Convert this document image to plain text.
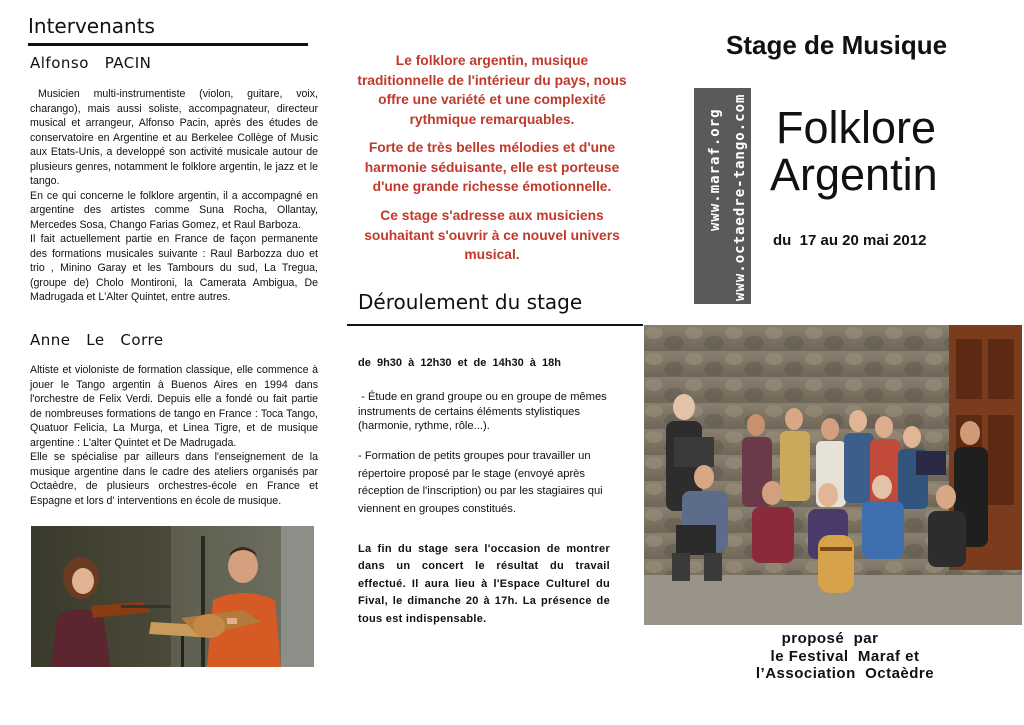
Intervenants
Alfonso   PACIN
Musicien multi-instrumentiste (violon, guitare, voix, charango), mais aussi soliste, accompagnateur, directeur musical et arrangeur, Alfonso Pacin, après des études de conservatoire en Argentine et au Berkelee Collège of Music aux Etats-Unis, a developpé son activité musicale autour de plusieurs genres, notamment le folklore argentin, le jazz et le tango.
En ce qui concerne le folklore argentin, il a accompagné en argentine des artistes comme Suna Rocha, Ollantay, Mercedes Sosa, Chango Farias Gomez, et Raul Barboza.
Il fait actuellement partie en France de façon permanente des formations musicales suivante : Raul Barbozza duo et trio , Minino Garay et les Tambours du sud, La Tregua, (groupe de) Cholo Montironi, la Camerata Ambigua, De Madrugada et L'Alter Quintet, entre autres.
Anne   Le   Corre
Altiste et violoniste de formation classique, elle commence à jouer le Tango argentin à Buenos Aires en 1994 dans l'orchestre de Felix Verdi. Depuis elle a fondé ou fait partie de nombreuses formations de tango en France : Toca Tango, Quatuor Felicia, La Murga, et Linea Tigre, et de musique argentine : L'alter Quintet et De Madrugada.
Elle se spécialise par ailleurs dans l'enseignement de la musique argentine dans le cadre des ateliers organisés par Octaèdre, de plusieurs orchestres-école en France et Espagne et lors d' interventions en école de musique.
Le folklore argentin, musique traditionnelle de l'intérieur du pays, nous offre une variété et une complexité rythmique remarquables.
Forte de très belles mélodies et d'une harmonie séduisante, elle est porteuse d'une grande richesse émotionnelle.
Ce stage s'adresse aux musiciens souhaitant s'ouvrir à ce nouvel univers musical.
Déroulement du stage
de  9h30  à  12h30  et  de  14h30  à  18h
- Étude en grand groupe ou en groupe de mêmes instruments de certains éléments stylistiques  (harmonie, rythme, rôle...).
- Formation de petits groupes pour travailler un répertoire proposé par le stage (envoyé après réception de l'inscription) ou par les stagiaires qui viennent en groupes constitués.
La fin du stage sera l'occasion de montrer dans un concert le résultat du travail effectué. Il aura lieu à l'Espace Culturel du Fival, le dimanche 20 à 17h. La présence de tous est indispensable.
Stage de Musique
www.maraf.org www.octaedre-tango.com Folklore
Argentin
du  17 au 20 mai 2012
proposé  par
le Festival  Maraf et
l’Association  Octaèdre
